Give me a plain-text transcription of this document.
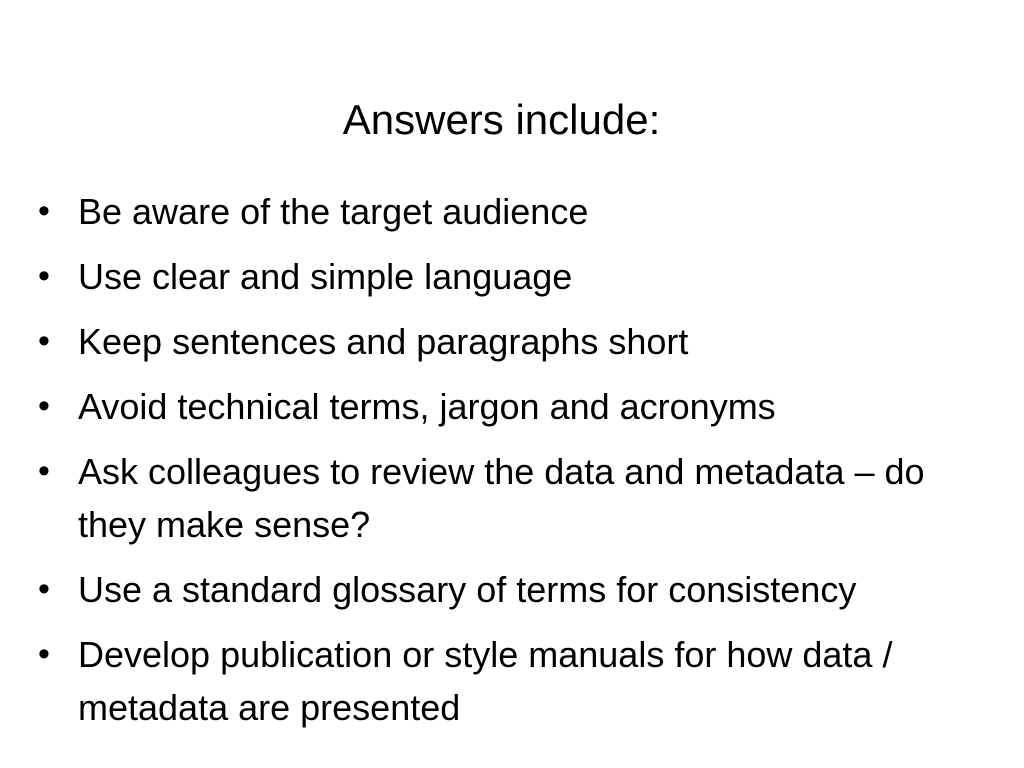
Answers include:
• Be aware of the target audience
• Use clear and simple language
• Keep sentences and paragraphs short
• Avoid technical terms, jargon and acronyms
• Ask colleagues to review the data and metadata – do they make sense?
• Use a standard glossary of terms for consistency
• Develop publication or style manuals for how data / metadata are presented
